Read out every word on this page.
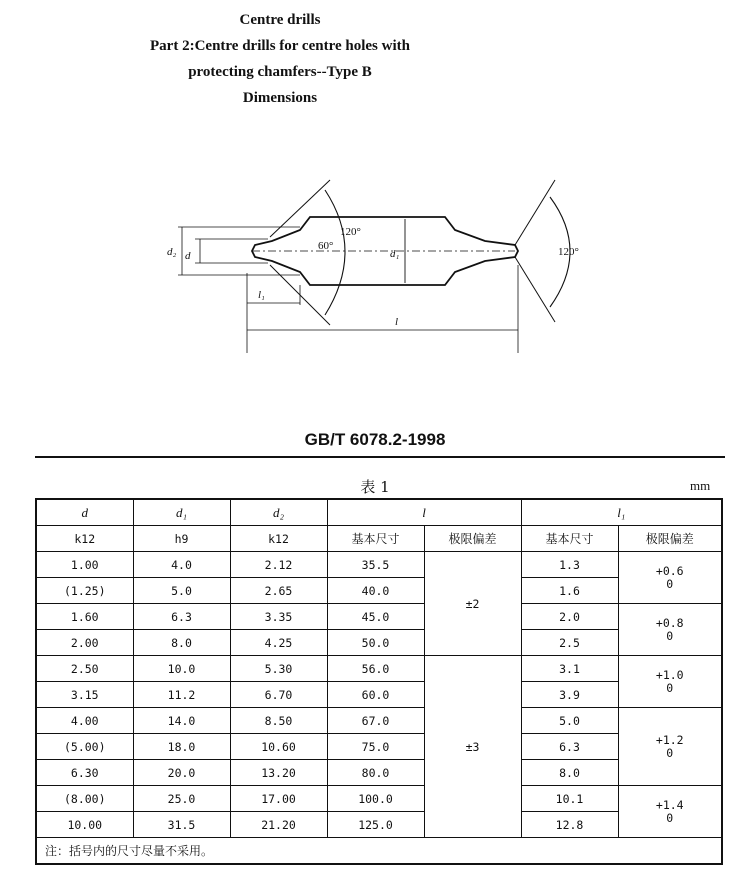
Centre drills
Part 2:Centre drills for centre holes with
protecting chamfers--Type B
Dimensions
120°
60°	120°
d
d₂	d₁
l₁
l
GB/T 6078.2-1998
表 1	mm
d	d₁	d₂	l		l₁	
k12	h9	k12	基本尺寸	极限偏差	基本尺寸	极限偏差
1.00	4.0	2.12	35.5	±2	1.3	+0.6
0

(1.25)	5.0	2.65	40.0		1.6	
1.60	6.3	3.35	45.0		2.0	+0.8
0

2.00	8.0	4.25	50.0		2.5	
2.50	10.0	5.30	56.0	±3	3.1	+1.0
0

3.15	11.2	6.70	60.0		3.9	
4.00	14.0	8.50	67.0		5.0	+1.2
0

(5.00)	18.0	10.60	75.0		6.3	
6.30	20.0	13.20	80.0		8.0	
(8.00)	25.0	17.00	100.0		10.1	+1.4
0

10.00	31.5	21.20	125.0		12.8	
注：括号内的尺寸尽量不采用。						
